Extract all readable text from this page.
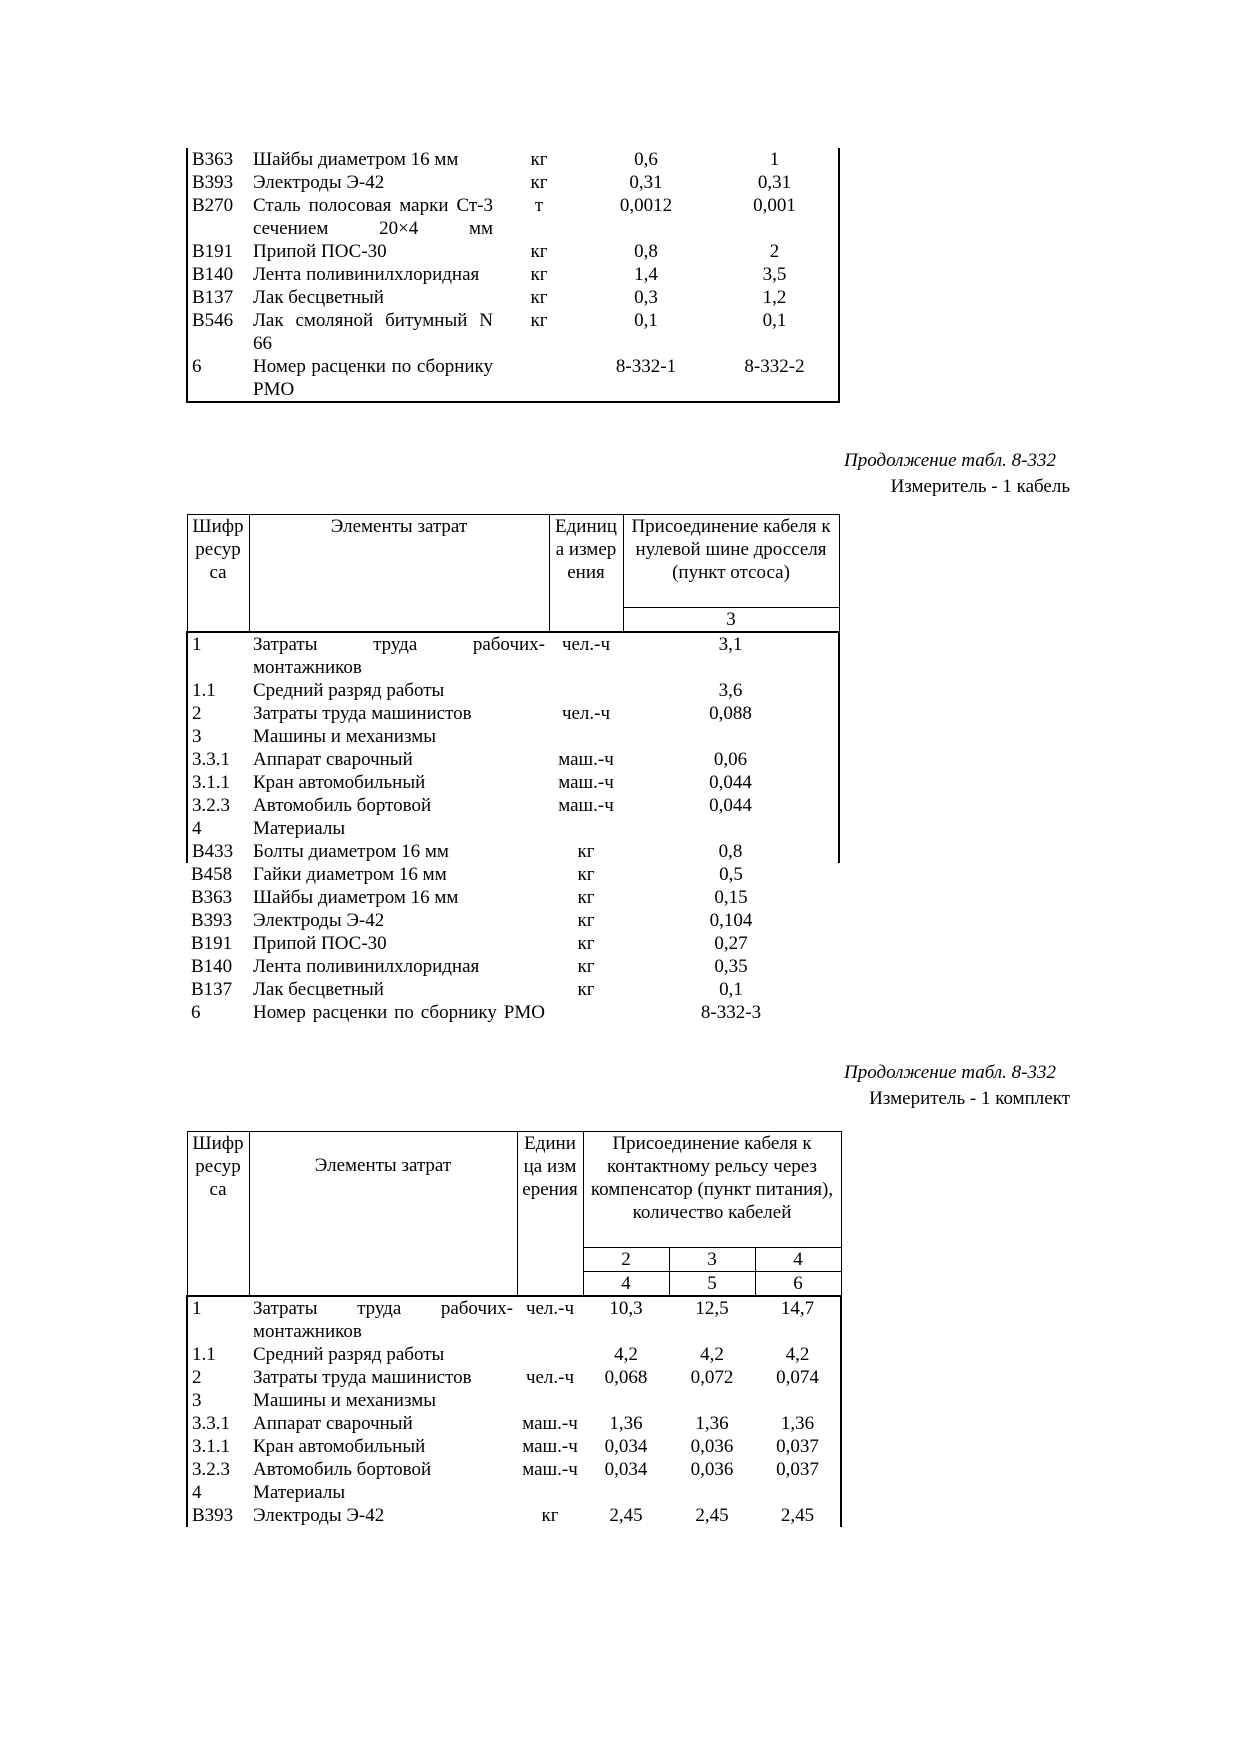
В363	Шайбы диаметром 16 мм	кг	0,6	1
В393	Электроды Э-42	кг	0,31	0,31
В270	Сталь полосовая марки Ст-3 сечением 20×4 мм	т	0,0012	0,001
В191	Припой ПОС-30	кг	0,8	2
В140	Лента поливинилхлоридная	кг	1,4	3,5
В137	Лак бесцветный	кг	0,3	1,2
В546	Лак смоляной битумный N 66	кг	0,1	0,1
6	Номер расценки по сборнику РМО		8-332-1	8-332-2
Продолжение табл. 8-332
Измеритель - 1 кабель
Шифр ресурса	Элементы затрат	Единица измерения	Присоединение кабеля к нулевой шине дросселя (пункт отсоса)
			3
1	Затраты труда рабочих-монтажников	чел.-ч	3,1
1.1	Средний разряд работы		3,6
2	Затраты труда машинистов	чел.-ч	0,088
3	Машины и механизмы		
3.3.1	Аппарат сварочный	маш.-ч	0,06
3.1.1	Кран автомобильный	маш.-ч	0,044
3.2.3	Автомобиль бортовой	маш.-ч	0,044
4	Материалы		
В433	Болты диаметром 16 мм	кг	0,8
В458	Гайки диаметром 16 мм	кг	0,5
В363	Шайбы диаметром 16 мм	кг	0,15
В393	Электроды Э-42	кг	0,104
В191	Припой ПОС-30	кг	0,27
В140	Лента поливинилхлоридная	кг	0,35
В137	Лак бесцветный	кг	0,1
6	Номер расценки по сборнику РМО		8-332-3
Продолжение табл. 8-332
Измеритель - 1 комплект
Шифр ресурса	Элементы затрат	Единица измерения	Присоединение кабеля к контактному рельсу через компенсатор (пункт питания), количество кабелей		
			2	3	4
			4	5	6
1	Затраты труда рабочих-монтажников	чел.-ч	10,3	12,5	14,7
1.1	Средний разряд работы		4,2	4,2	4,2
2	Затраты труда машинистов	чел.-ч	0,068	0,072	0,074
3	Машины и механизмы				
3.3.1	Аппарат сварочный	маш.-ч	1,36	1,36	1,36
3.1.1	Кран автомобильный	маш.-ч	0,034	0,036	0,037
3.2.3	Автомобиль бортовой	маш.-ч	0,034	0,036	0,037
4	Материалы				
В393	Электроды Э-42	кг	2,45	2,45	2,45
